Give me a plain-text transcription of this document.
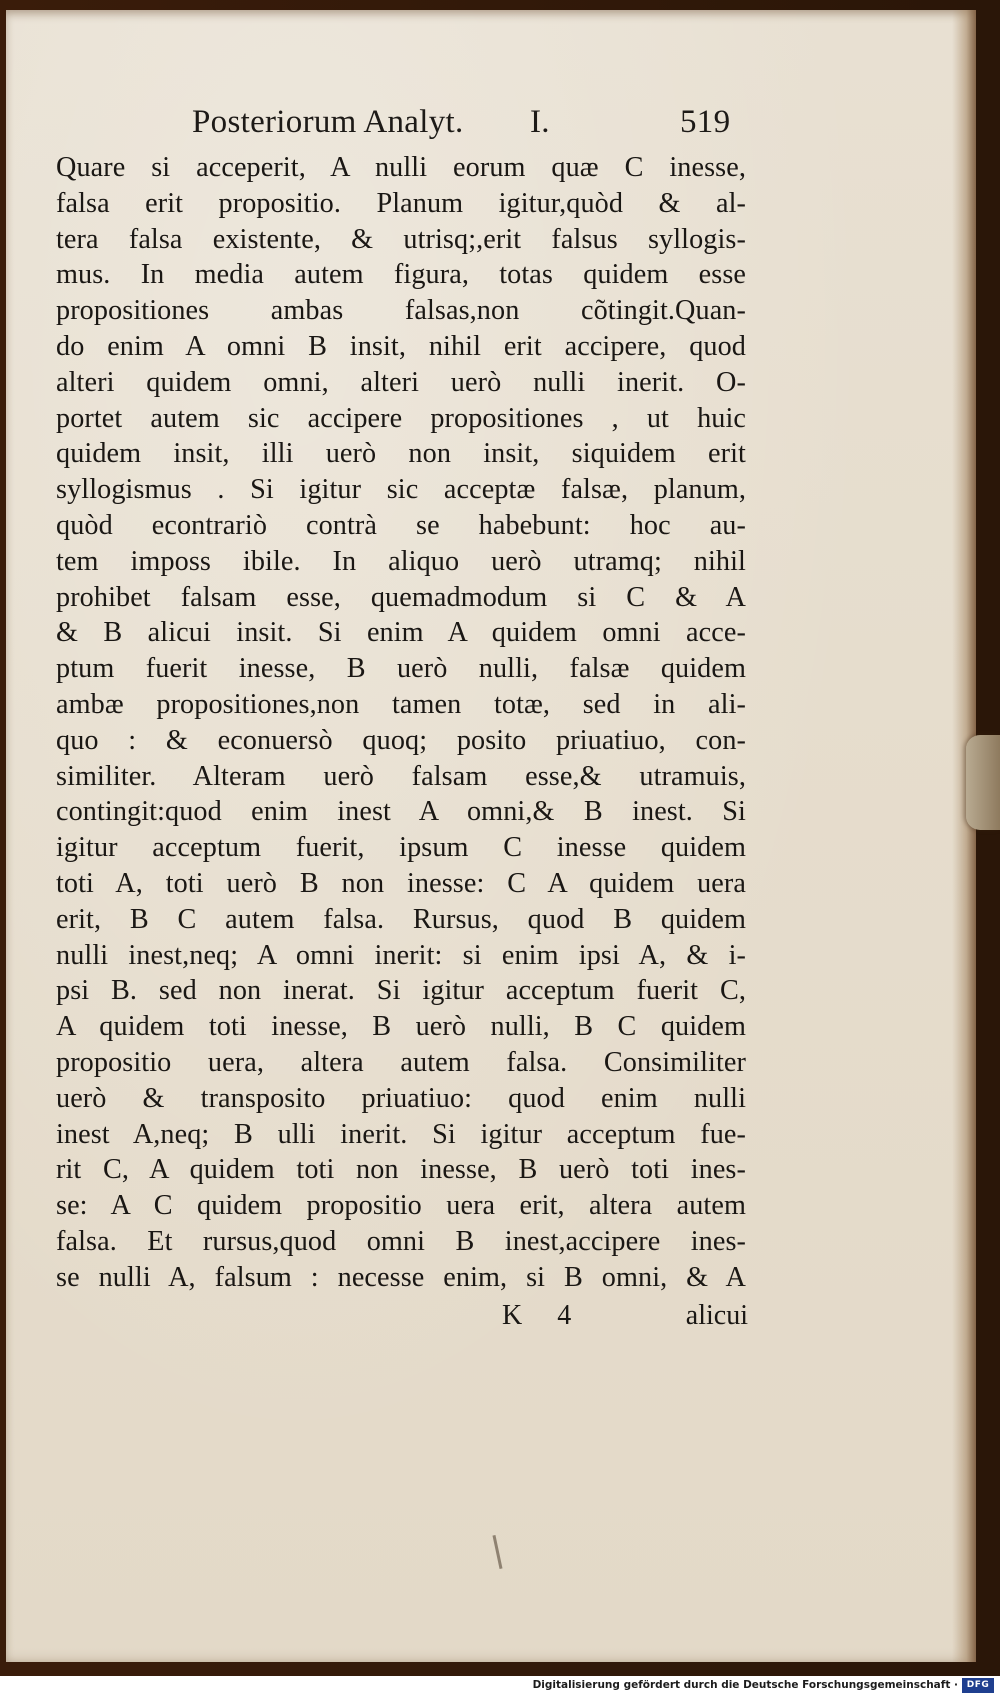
Posteriorum Analyt. I.	519
Quare si acceperit, A nulli eorum quæ C inesse,
falsa erit propositio. Planum igitur,quòd & al-
tera falsa existente, & utrisq;,erit falsus syllogis-
mus. In media autem figura, totas quidem esse
propositiones ambas falsas,non cõtingit.Quan-
do enim A omni B insit, nihil erit accipere, quod
alteri quidem omni, alteri uerò nulli inerit. O-
portet autem sic accipere propositiones , ut huic
quidem insit, illi uerò non insit, siquidem erit
syllogismus . Si igitur sic acceptæ falsæ, planum,
quòd econtrariò contrà se habebunt: hoc au-
tem imposs ibile. In aliquo uerò utramq; nihil
prohibet falsam esse, quemadmodum si C & A
& B alicui insit. Si enim A quidem omni acce-
ptum fuerit inesse, B uerò nulli, falsæ quidem
ambæ propositiones,non tamen totæ, sed in ali-
quo : & econuersò quoq; posito priuatiuo, con-
similiter. Alteram uerò falsam esse,& utramuis,
contingit:quod enim inest A omni,& B inest. Si
igitur acceptum fuerit, ipsum C inesse quidem
toti A, toti uerò B non inesse: C A quidem uera
erit, B C autem falsa. Rursus, quod B quidem
nulli inest,neq; A omni inerit: si enim ipsi A, & i-
psi B. sed non inerat. Si igitur acceptum fuerit C,
A quidem toti inesse, B uerò nulli, B C quidem
propositio uera, altera autem falsa. Consimiliter
uerò & transposito priuatiuo: quod enim nulli
inest A,neq; B ulli inerit. Si igitur acceptum fue-
rit C, A quidem toti non inesse, B uerò toti ines-
se: A C quidem propositio uera erit, altera autem
falsa. Et rursus,quod omni B inest,accipere ines-
se nulli A, falsum : necesse enim, si B omni, & A
K 4	alicui
Digitalisierung gefördert durch die Deutsche Forschungsgemeinschaft · DFG
